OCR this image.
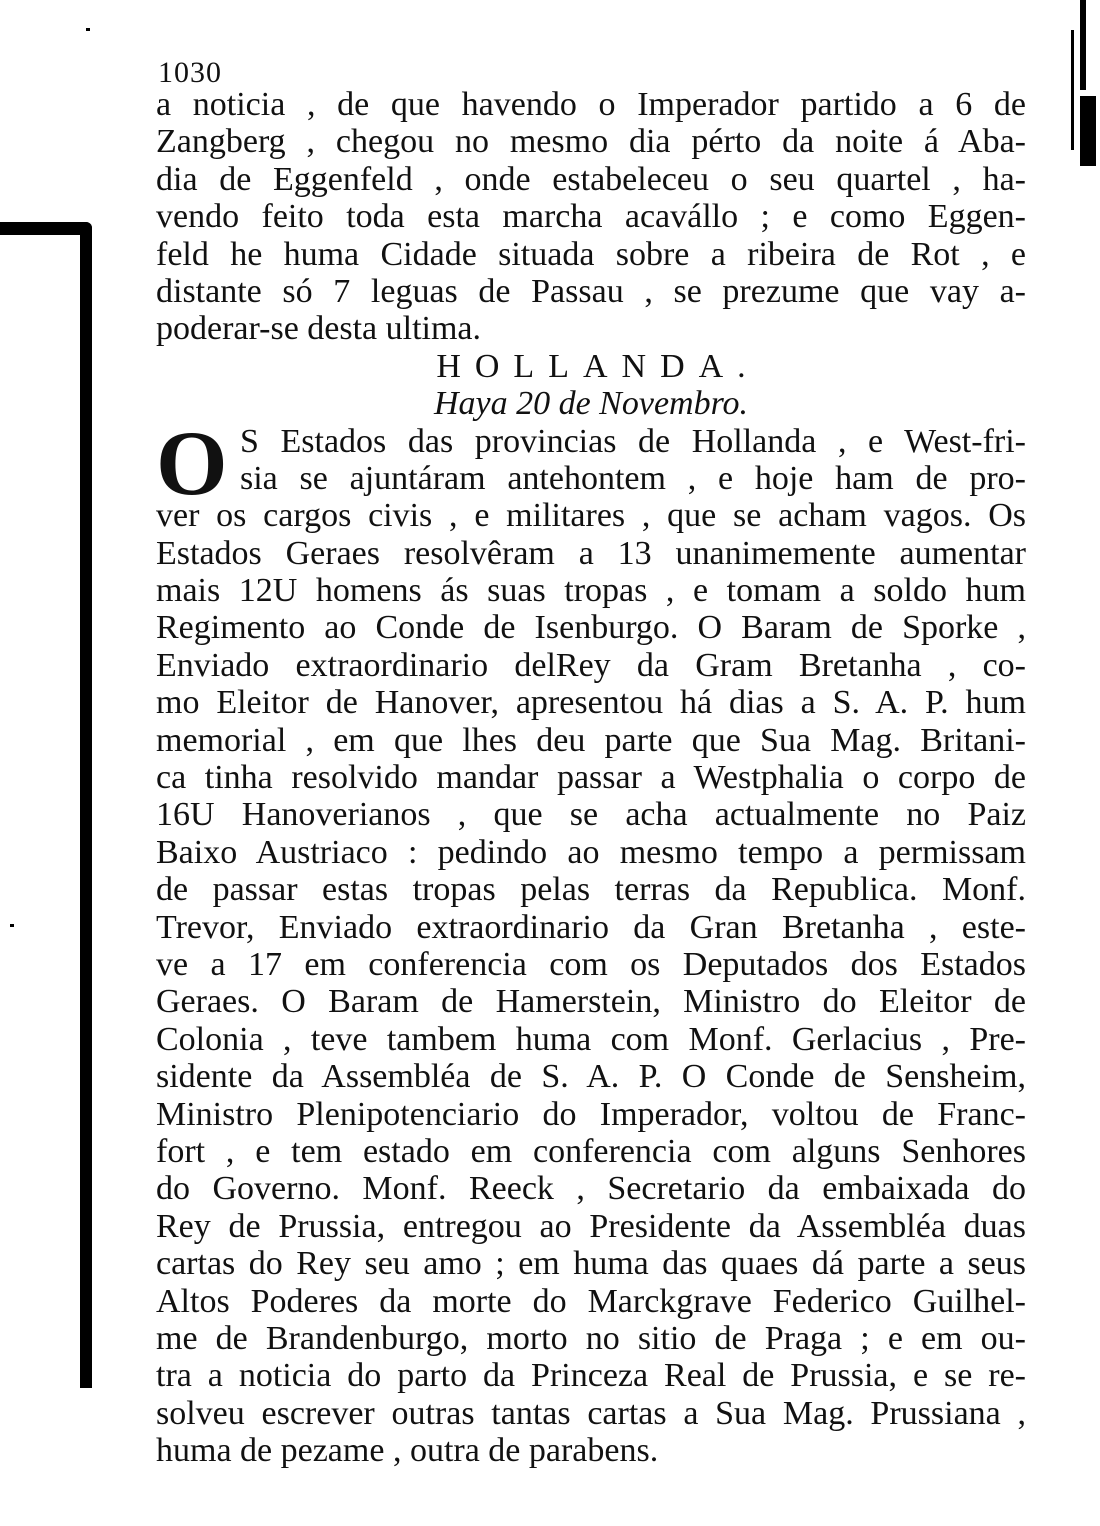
1030
a noticia , de que havendo o Imperador partido a 6 de
Zangberg , chegou no mesmo dia pérto da noite á Aba-
dia de Eggenfeld , onde estabeleceu o seu quartel , ha-
vendo feito toda esta marcha acavállo ; e como Eggen-
feld he huma Cidade situada sobre a ribeira de Rot , e
distante só 7 leguas de Passau , se prezume que vay a-
poderar-se desta ultima.
HOLLANDA.
Haya 20 de Novembro.
O S Estados das provincias de Hollanda , e West-fri-
sia se ajuntáram antehontem , e hoje ham de pro-
ver os cargos civis , e militares , que se acham vagos. Os
Estados Geraes resolvêram a 13 unanimemente aumentar
mais 12U homens ás suas tropas , e tomam a soldo hum
Regimento ao Conde de Isenburgo. O Baram de Sporke ,
Enviado extraordinario delRey da Gram Bretanha , co-
mo Eleitor de Hanover, apresentou há dias a S. A. P. hum
memorial , em que lhes deu parte que Sua Mag. Britani-
ca tinha resolvido mandar passar a Westphalia o corpo de
16U Hanoverianos , que se acha actualmente no Paiz
Baixo Austriaco : pedindo ao mesmo tempo a permissam
de passar estas tropas pelas terras da Republica. Monf.
Trevor, Enviado extraordinario da Gran Bretanha , este-
ve a 17 em conferencia com os Deputados dos Estados
Geraes. O Baram de Hamerstein, Ministro do Eleitor de
Colonia , teve tambem huma com Monf. Gerlacius , Pre-
sidente da Assembléa de S. A. P. O Conde de Sensheim,
Ministro Plenipotenciario do Imperador, voltou de Franc-
fort , e tem estado em conferencia com alguns Senhores
do Governo. Monf. Reeck , Secretario da embaixada do
Rey de Prussia, entregou ao Presidente da Assembléa duas
cartas do Rey seu amo ; em huma das quaes dá parte a seus
Altos Poderes da morte do Marckgrave Federico Guilhel-
me de Brandenburgo, morto no sitio de Praga ; e em ou-
tra a noticia do parto da Princeza Real de Prussia, e se re-
solveu escrever outras tantas cartas a Sua Mag. Prussiana ,
huma de pezame , outra de parabens.
